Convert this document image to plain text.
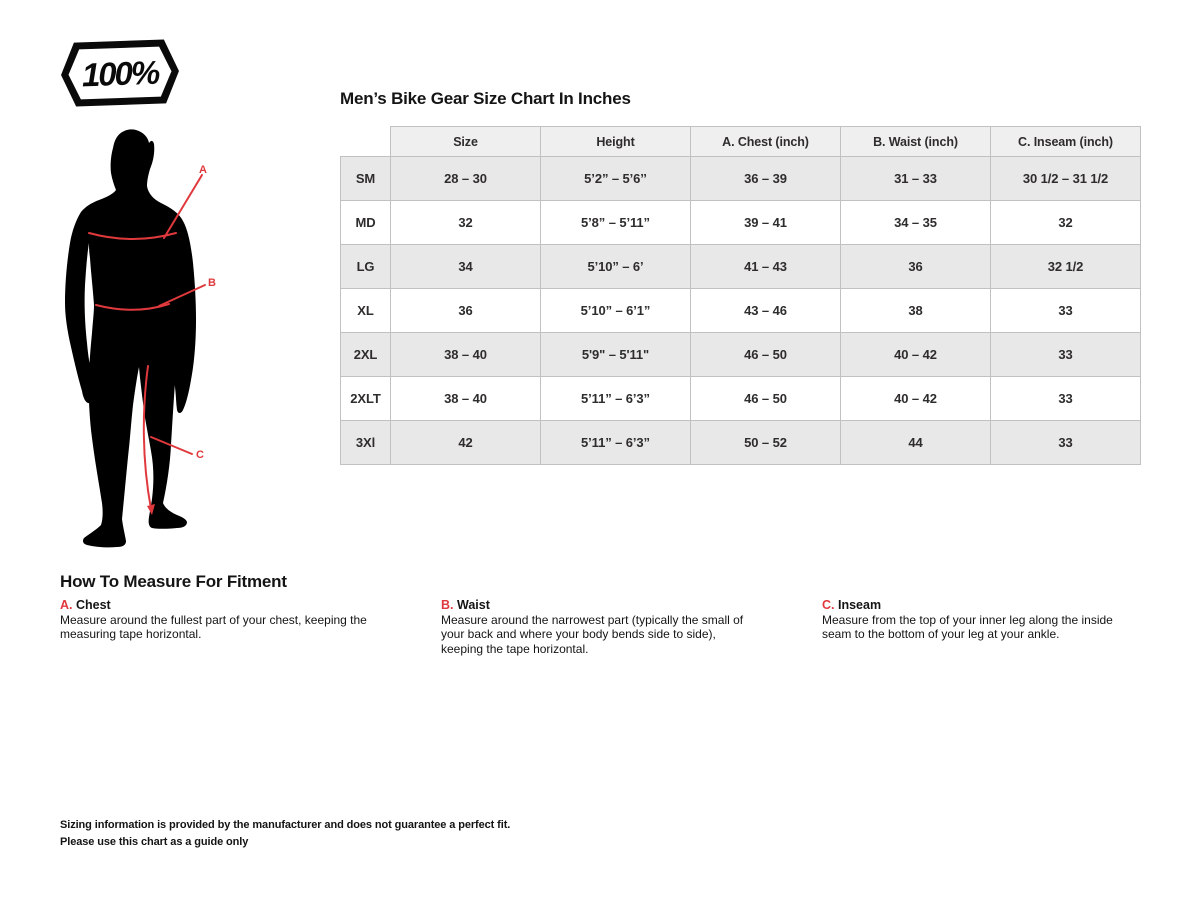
100%
A
B
C
Men’s Bike Gear Size Chart In Inches
	Size	Height	A. Chest (inch)	B. Waist (inch)	C. Inseam (inch)
SM	28 – 30	5’2” – 5’6’’	36 – 39	31 – 33	30 1/2 – 31 1/2
MD	32	5’8” – 5’11”	39 – 41	34 – 35	32
LG	34	5’10” – 6’	41 – 43	36	32 1/2
XL	36	5’10” – 6’1”	43 – 46	38	33
2XL	38 – 40	5'9" – 5'11"	46 – 50	40 – 42	33
2XLT	38 – 40	5’11” – 6’3”	46 – 50	40 – 42	33
3Xl	42	5’11” – 6’3”	50 – 52	44	33
How To Measure For Fitment
A. Chest

Measure around the fullest part of your chest, keeping the measuring tape horizontal.

B. Waist

Measure around the narrowest part (typically the small of your back and where your body bends side to side), keeping the tape horizontal.

C. Inseam

Measure from the top of your inner leg along the inside seam to the bottom of your leg at your ankle.

Sizing information is provided by the manufacturer and does not guarantee a perfect fit.
Please use this chart as a guide only
